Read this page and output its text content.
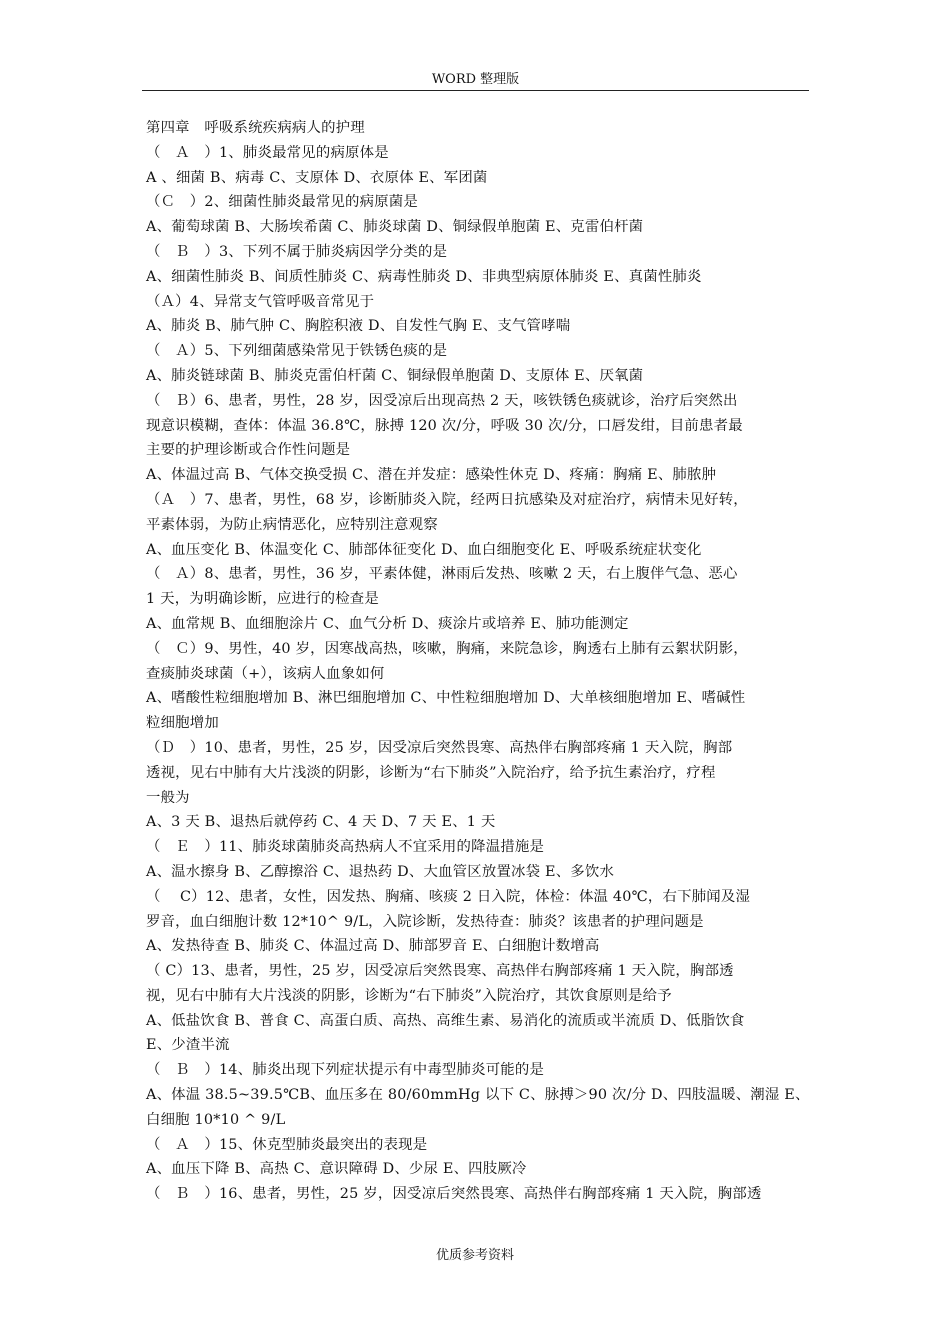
WORD 整理版

第四章　呼吸系统疾病病人的护理

（　Ａ　）1、肺炎最常见的病原体是

A 、细菌 B、病毒 C、支原体 D、衣原体 E、军团菌

（Ｃ　）2、细菌性肺炎最常见的病原菌是

A、葡萄球菌 B、大肠埃希菌 C、肺炎球菌 D、铜绿假单胞菌 E、克雷伯杆菌

（　Ｂ　）3、下列不属于肺炎病因学分类的是

A、细菌性肺炎 B、间质性肺炎 C、病毒性肺炎 D、非典型病原体肺炎 E、真菌性肺炎

（Ａ）4、异常支气管呼吸音常见于

A、肺炎 B、肺气肿 C、胸腔积液 D、自发性气胸 E、支气管哮喘

（　Ａ）5、下列细菌感染常见于铁锈色痰的是

A、肺炎链球菌 B、肺炎克雷伯杆菌 C、铜绿假单胞菌 D、支原体 E、厌氧菌

（　Ｂ）6、患者，男性，28 岁，因受凉后出现高热 2 天，咳铁锈色痰就诊，治疗后突然出

现意识模糊，查体：体温 36.8℃，脉搏 120 次/分，呼吸 30 次/分，口唇发绀，目前患者最

主要的护理诊断或合作性问题是

A、体温过高 B、气体交换受损 C、潜在并发症：感染性休克 D、疼痛：胸痛 E、肺脓肿

（Ａ　）7、患者，男性，68 岁，诊断肺炎入院，经两日抗感染及对症治疗，病情未见好转，

平素体弱，为防止病情恶化，应特别注意观察

A、血压变化 B、体温变化 C、肺部体征变化 D、血白细胞变化 E、呼吸系统症状变化

（　Ａ）8、患者，男性，36 岁，平素体健，淋雨后发热、咳嗽 2 天，右上腹伴气急、恶心

1 天，为明确诊断，应进行的检查是

A、血常规 B、血细胞涂片 C、血气分析 D、痰涂片或培养 E、肺功能测定

（　Ｃ）9、男性，40 岁，因寒战高热，咳嗽，胸痛，来院急诊，胸透右上肺有云絮状阴影，

查痰肺炎球菌（+），该病人血象如何

A、嗜酸性粒细胞增加 B、淋巴细胞增加 C、中性粒细胞增加 D、大单核细胞增加 E、嗜碱性

粒细胞增加

（Ｄ　）10、患者，男性，25 岁，因受凉后突然畏寒、高热伴右胸部疼痛 1 天入院，胸部

透视，见右中肺有大片浅淡的阴影，诊断为“右下肺炎”入院治疗，给予抗生素治疗，疗程

一般为

A、3 天 B、退热后就停药 C、4 天 D、7 天 E、1 天

（　Ｅ　）11、肺炎球菌肺炎高热病人不宜采用的降温措施是

A、温水擦身 B、乙醇擦浴 C、退热药 D、大血管区放置冰袋 E、多饮水

（　 C）12、患者，女性，因发热、胸痛、咳痰 2 日入院，体检：体温 40℃，右下肺闻及湿

罗音，血白细胞计数 12*10^ 9/L，入院诊断，发热待查：肺炎？该患者的护理问题是

A、发热待查 B、肺炎 C、体温过高 D、肺部罗音 E、白细胞计数增高

（ C）13、患者，男性，25 岁，因受凉后突然畏寒、高热伴右胸部疼痛 1 天入院，胸部透

视，见右中肺有大片浅淡的阴影，诊断为“右下肺炎”入院治疗，其饮食原则是给予

A、低盐饮食 B、普食 C、高蛋白质、高热、高维生素、易消化的流质或半流质 D、低脂饮食

E、少渣半流

（　Ｂ　）14、肺炎出现下列症状提示有中毒型肺炎可能的是

A、体温 38.5~39.5℃B、血压多在 80/60mmHg 以下 C、脉搏＞90 次/分 D、四肢温暖、潮湿 E、

白细胞 10*10 ^ 9/L

（　Ａ　）15、休克型肺炎最突出的表现是

A、血压下降 B、高热 C、意识障碍 D、少尿 E、四肢厥冷

（　Ｂ　）16、患者，男性，25 岁，因受凉后突然畏寒、高热伴右胸部疼痛 1 天入院，胸部透

优质参考资料
